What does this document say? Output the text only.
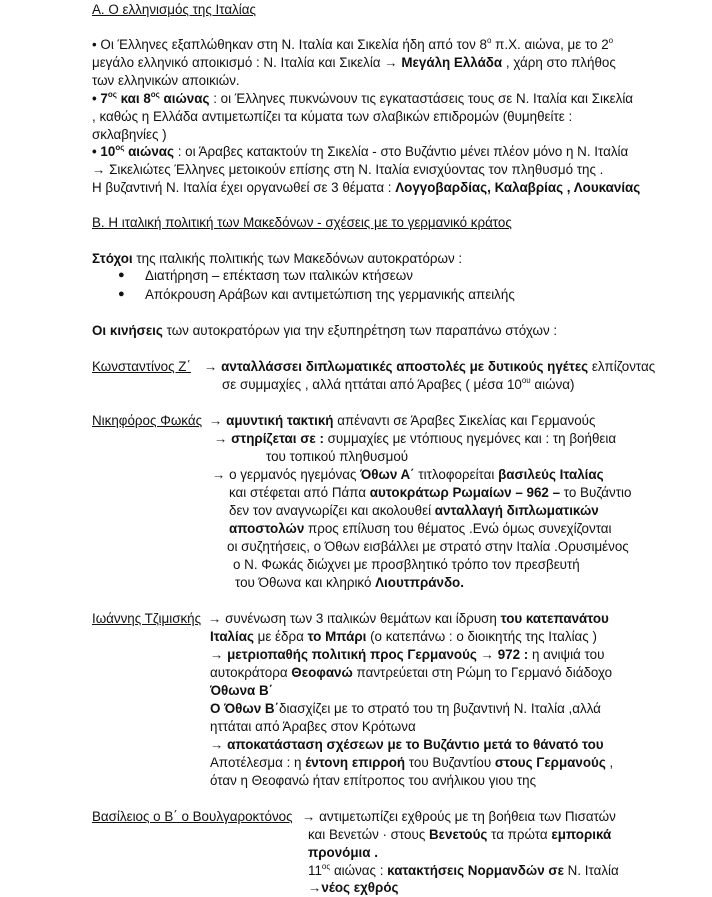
Α. Ο ελληνισμός της Ιταλίας
• Οι Έλληνες εξαπλώθηκαν στη Ν. Ιταλία και Σικελία ήδη από τον $8^o$ π.Χ. αιώνα, με το $2^o$
μεγάλο ελληνικό αποικισμό : Ν. Ιταλία και Σικελία → Μεγάλη Ελλάδα , χάρη στο πλήθος
των ελληνικών αποικιών.
• $7^{o\varsigma}$ και $8^{o\varsigma}$ αιώνας : οι Έλληνες πυκνώνουν τις εγκαταστάσεις τους σε Ν. Ιταλία και Σικελία
, καθώς η Ελλάδα αντιμετωπίζει τα κύματα των σλαβικών επιδρομών (θυμηθείτε :
σκλαβηνίες )
• $10^{o\varsigma}$ αιώνας : οι Άραβες κατακτούν τη Σικελία - στο Βυζάντιο μένει πλέον μόνο η Ν. Ιταλία
→ Σικελιώτες Έλληνες μετοικούν επίσης στη Ν. Ιταλία ενισχύοντας τον πληθυσμό της .
Η βυζαντινή Ν. Ιταλία έχει οργανωθεί σε 3 θέματα : Λογγοβαρδίας, Καλαβρίας , Λουκανίας
Β. Η ιταλική πολιτική των Μακεδόνων - σχέσεις με το γερμανικό κράτος
Στόχοι της ιταλικής πολιτικής των Μακεδόνων αυτοκρατόρων :
● Διατήρηση – επέκταση των ιταλικών κτήσεων
● Απόκρουση Αράβων και αντιμετώπιση της γερμανικής απειλής
Οι κινήσεις των αυτοκρατόρων για την εξυπηρέτηση των παραπάνω στόχων :
Κωνσταντίνος Ζ΄ → ανταλλάσσει διπλωματικές αποστολές με δυτικούς ηγέτες ελπίζοντας
σε συμμαχίες , αλλά ηττάται από Άραβες ( μέσα $10^{o\upsilon}$ αιώνα)
Νικηφόρος Φωκάς → αμυντική τακτική απέναντι σε Άραβες Σικελίας και Γερμανούς
→ στηρίζεται σε : συμμαχίες με ντόπιους ηγεμόνες και : τη βοήθεια
του τοπικού πληθυσμού
→ ο γερμανός ηγεμόνας Όθων Α΄ τιτλοφορείται βασιλεύς Ιταλίας
και στέφεται από Πάπα αυτοκράτωρ Ρωμαίων – 962 – το Βυζάντιο
δεν τον αναγνωρίζει και ακολουθεί ανταλλαγή διπλωματικών
αποστολών προς επίλυση του θέματος .Ενώ όμως συνεχίζονται
οι συζητήσεις, ο Όθων εισβάλλει με στρατό στην Ιταλία .Ορυσιμένος
ο Ν. Φωκάς διώχνει με προσβλητικό τρόπο τον πρεσβευτή
του Όθωνα και κληρικό Λιουτπράνδο.
Ιωάννης Τζιμισκής → συνένωση των 3 ιταλικών θεμάτων και ίδρυση του κατεπανάτου
Ιταλίας με έδρα το Μπάρι (ο κατεπάνω : ο διοικητής της Ιταλίας )
→ μετριοπαθής πολιτική προς Γερμανούς → 972 : η ανιψιά του
αυτοκράτορα Θεοφανώ παντρεύεται στη Ρώμη το Γερμανό διάδοχο
Όθωνα Β΄
Ο Όθων Β΄διασχίζει με το στρατό του τη βυζαντινή Ν. Ιταλία ,αλλά
ηττάται από Άραβες στον Κρότωνα
→ αποκατάσταση σχέσεων με το Βυζάντιο μετά το θάνατό του
Αποτέλεσμα : η έντονη επιρροή του Βυζαντίου στους Γερμανούς ,
όταν η Θεοφανώ ήταν επίτροπος του ανήλικου γιου της
Βασίλειος ο Β΄ ο Βουλγαροκτόνος → αντιμετωπίζει εχθρούς με τη βοήθεια των Πισατών
και Βενετών · στους Βενετούς τα πρώτα εμπορικά
προνόμια .
$11^{o\varsigma}$ αιώνας : κατακτήσεις Νορμανδών σε Ν. Ιταλία
→νέος εχθρός
